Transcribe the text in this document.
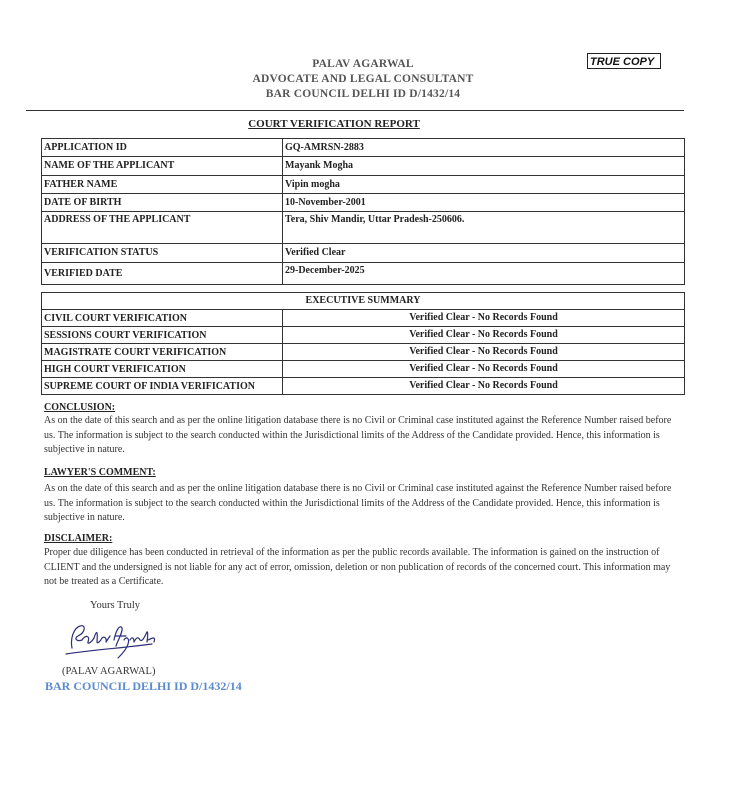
PALAV AGARWAL
ADVOCATE AND LEGAL CONSULTANT
BAR COUNCIL DELHI ID D/1432/14
TRUE COPY
COURT VERIFICATION REPORT
APPLICATION ID	GQ-AMRSN-2883
NAME OF THE APPLICANT	Mayank Mogha
FATHER NAME	Vipin mogha
DATE OF BIRTH	10-November-2001
ADDRESS OF THE APPLICANT	Tera, Shiv Mandir, Uttar Pradesh-250606.
VERIFICATION STATUS	Verified Clear
VERIFIED DATE	29-December-2025
EXECUTIVE SUMMARY	
CIVIL COURT VERIFICATION	Verified Clear - No Records Found
SESSIONS COURT VERIFICATION	Verified Clear - No Records Found
MAGISTRATE COURT VERIFICATION	Verified Clear - No Records Found
HIGH COURT VERIFICATION	Verified Clear - No Records Found
SUPREME COURT OF INDIA VERIFICATION	Verified Clear - No Records Found
CONCLUSION:
As on the date of this search and as per the online litigation database there is no Civil or Criminal case instituted against the Reference Number raised before us. The information is subject to the search conducted within the Jurisdictional limits of the Address of the Candidate provided. Hence, this information is subjective in nature.
LAWYER'S COMMENT:
As on the date of this search and as per the online litigation database there is no Civil or Criminal case instituted against the Reference Number raised before us. The information is subject to the search conducted within the Jurisdictional limits of the Address of the Candidate provided. Hence, this information is subjective in nature.
DISCLAIMER:
Proper due diligence has been conducted in retrieval of the information as per the public records available. The information is gained on the instruction of CLIENT and the undersigned is not liable for any act of error, omission, deletion or non publication of records of the concerned court. This information may not be treated as a Certificate.
Yours Truly
(PALAV AGARWAL)
BAR COUNCIL DELHI ID D/1432/14
